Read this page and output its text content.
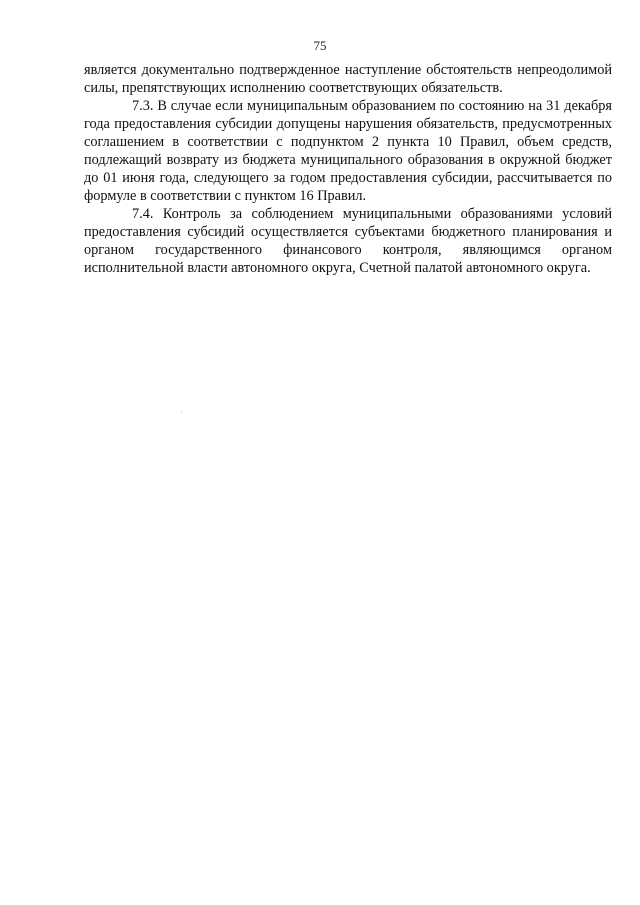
75

является документально подтвержденное наступление обстоятельств непреодолимой силы, препятствующих исполнению соответствующих обязательств.

7.3. В случае если муниципальным образованием по состоянию на 31 декабря года предоставления субсидии допущены нарушения обязательств, предусмотренных соглашением в соответствии с подпунктом 2 пункта 10 Правил, объем средств, подлежащий возврату из бюджета муниципального образования в окружной бюджет до 01 июня года, следующего за годом предоставления субсидии, рассчитывается по формуле в соответствии с пунктом 16 Правил.

7.4. Контроль за соблюдением муниципальными образованиями условий предоставления субсидий осуществляется субъектами бюджетного планирования и органом государственного финансового контроля, являющимся органом исполнительной власти автономного округа, Счетной палатой автономного округа.
